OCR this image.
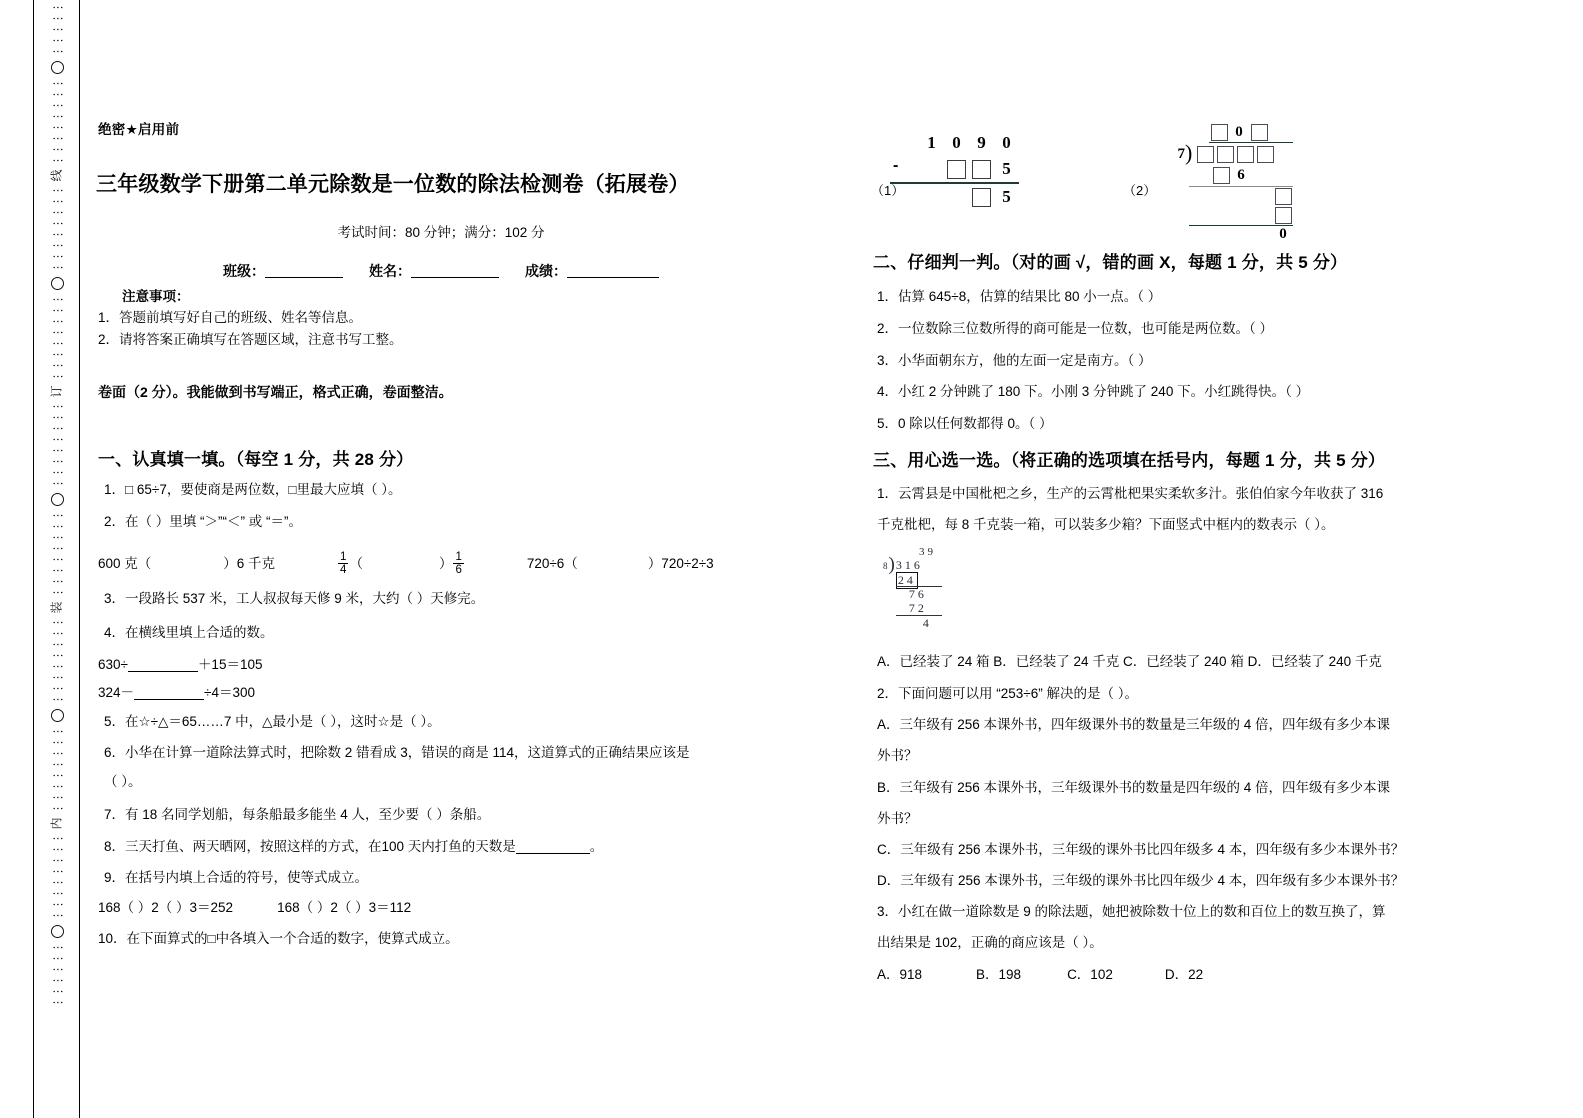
⋮⋮⋮⋮⋮
⋮⋮⋮⋮⋮⋮⋮⋮
线
⋮⋮⋮⋮⋮⋮⋮⋮
⋮⋮⋮⋮⋮⋮⋮⋮
订
⋮⋮⋮⋮⋮⋮⋮⋮
⋮⋮⋮⋮⋮⋮⋮⋮
装
⋮⋮⋮⋮⋮⋮⋮⋮
⋮⋮⋮⋮⋮⋮⋮⋮
内
⋮⋮⋮⋮⋮⋮⋮⋮
⋮⋮⋮⋮⋮⋮
绝密★启用前
三年级数学下册第二单元除数是一位数的除法检测卷（拓展卷）
考试时间：80 分钟；满分：102 分
班级：	姓名：	成绩：
注意事项：
1．答题前填写好自己的班级、姓名等信息。
2．请将答案正确填写在答题区域，注意书写工整。
卷面（2 分）。我能做到书写端正，格式正确，卷面整洁。
一、认真填一填。（每空 1 分，共 28 分）
1．□ 65÷7，要使商是两位数，□里最大应填（ ）。
2．在（ ）里填 “＞”“＜” 或 “＝”。
600 克（	）6 千克	$\frac{1}{4}$ （	） $\frac{1}{6}$	720÷6（	）720÷2÷3
3．一段路长 537 米，工人叔叔每天修 9 米，大约（ ）天修完。
4．在横线里填上合适的数。
630÷	＋15＝105
324－	÷4＝300
5．在☆÷△＝65……7 中，△最小是（ ），这时☆是（ ）。
6．小华在计算一道除法算式时，把除数 2 错看成 3，错误的商是 114，这道算式的正确结果应该是
（ ）。
7．有 18 名同学划船，每条船最多能坐 4 人，至少要（ ）条船。
8．三天打鱼、两天晒网，按照这样的方式，在100 天内打鱼的天数是	。
9．在括号内填上合适的符号，使等式成立。
168（ ）2（ ）3＝252	168（ ）2（ ）3＝112
10．在下面算式的□中各填入一个合适的数字，使算式成立。
（1）
-
1 0 9 0
5
5	（2）
0
7 )
6
0
二、仔细判一判。（对的画 √，错的画 X，每题 1 分，共 5 分）
1．估算 645÷8，估算的结果比 80 小一点。（ ）
2．一位数除三位数所得的商可能是一位数，也可能是两位数。（ ）
3．小华面朝东方，他的左面一定是南方。（ ）
4．小红 2 分钟跳了 180 下。小刚 3 分钟跳了 240 下。小红跳得快。（ ）
5．0 除以任何数都得 0。（ ）
三、用心选一选。（将正确的选项填在括号内，每题 1 分，共 5 分）
1．云霄县是中国枇杷之乡，生产的云霄枇杷果实柔软多汁。张伯伯家今年收获了 316
千克枇杷，每 8 千克装一箱，可以装多少箱？下面竖式中框内的数表示（ ）。
39
8 ) 316
24
76
72
4
A．已经装了 24 箱 B．已经装了 24 千克 C．已经装了 240 箱 D．已经装了 240 千克
2．下面问题可以用 “253÷6” 解决的是（ ）。
A．三年级有 256 本课外书，四年级课外书的数量是三年级的 4 倍，四年级有多少本课
外书？
B．三年级有 256 本课外书，三年级课外书的数量是四年级的 4 倍，四年级有多少本课
外书？
C．三年级有 256 本课外书，三年级的课外书比四年级多 4 本，四年级有多少本课外书？
D．三年级有 256 本课外书，三年级的课外书比四年级少 4 本，四年级有多少本课外书？
3．小红在做一道除数是 9 的除法题，她把被除数十位上的数和百位上的数互换了，算
出结果是 102，正确的商应该是（ ）。
A．918	B．198	C．102	D．22
